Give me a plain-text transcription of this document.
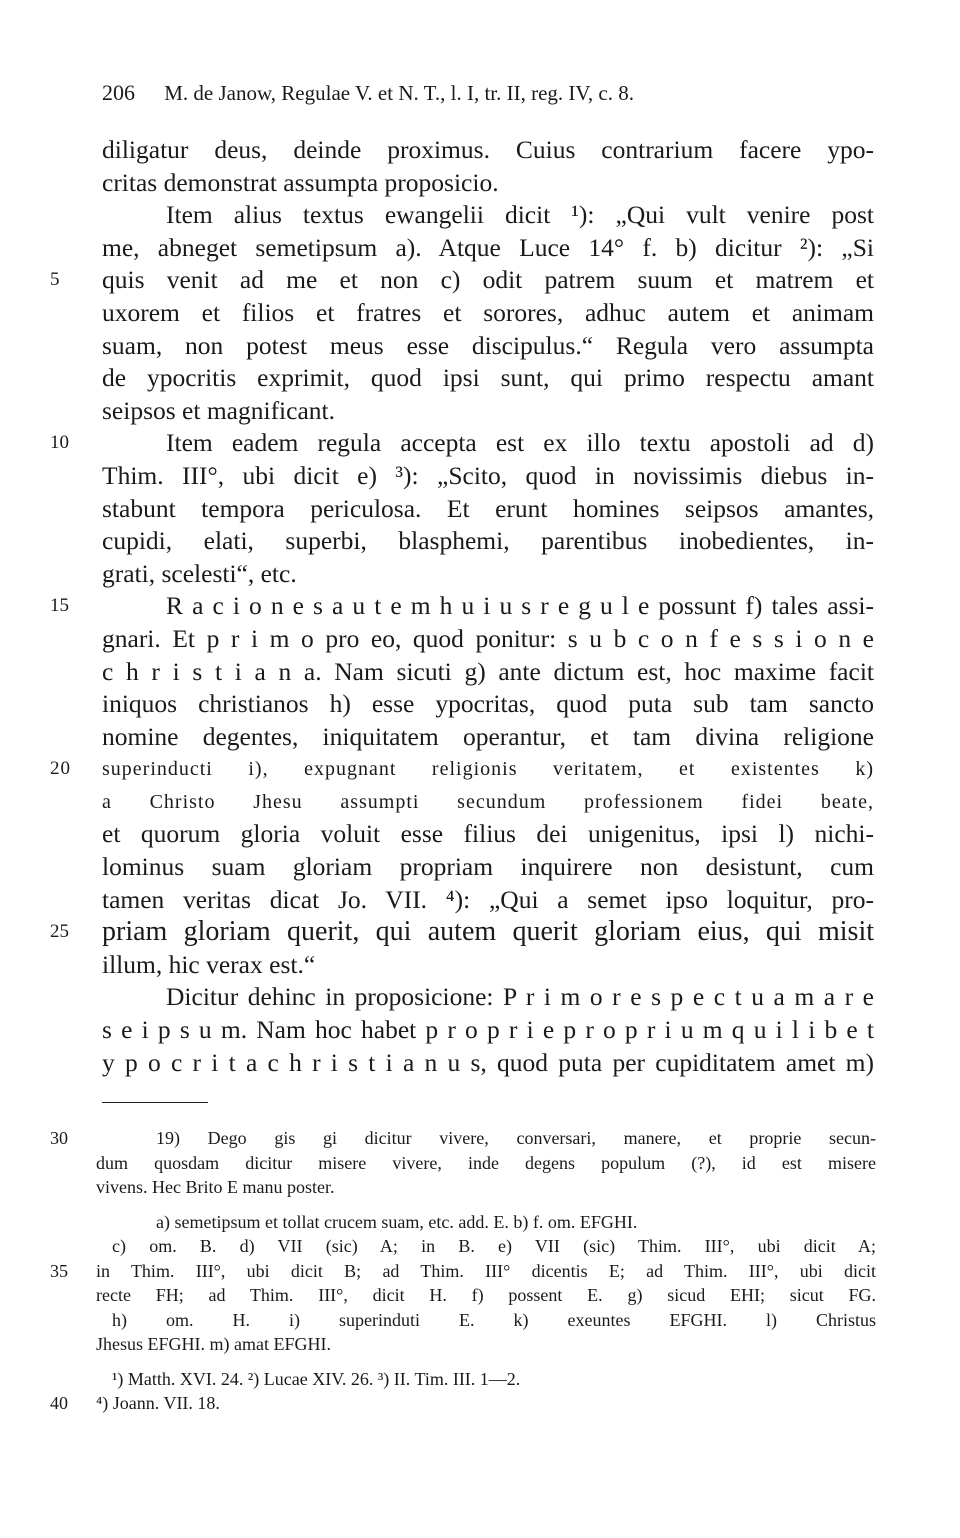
206 M. de Janow, Regulae V. et N. T., l. I, tr. II, reg. IV, c. 8.
diligatur deus, deinde proximus. Cuius contrarium facere ypo-
critas demonstrat assumpta proposicio.
Item alius textus ewangelii dicit ¹): „Qui vult venire post
me, abneget semetipsum a). Atque Luce 14° f. b) dicitur ²): „Si
5	quis venit ad me et non c) odit patrem suum et matrem et
uxorem et filios et fratres et sorores, adhuc autem et animam
suam, non potest meus esse discipulus.“ Regula vero assumpta
de ypocritis exprimit, quod ipsi sunt, qui primo respectu amant
seipsos et magnificant.
10	Item eadem regula accepta est ex illo textu apostoli ad d)
Thim. III°, ubi dicit e) ³): „Scito, quod in novissimis diebus in-
stabunt tempora periculosa. Et erunt homines seipsos amantes,
cupidi, elati, superbi, blasphemi, parentibus inobedientes, in-
grati, scelesti“, etc.
15	R a c i o n e s a u t e m h u i u s r e g u l e possunt f) tales assi-
gnari. Et p r i m o pro eo, quod ponitur: s u b c o n f e s s i o n e
c h r i s t i a n a. Nam sicuti g) ante dictum est, hoc maxime facit
iniquos christianos h) esse ypocritas, quod puta sub tam sancto
nomine degentes, iniquitatem operantur, et tam divina religione
20	superinducti i), expugnant religionis veritatem, et existentes k)
a Christo Jhesu assumpti secundum professionem fidei beate,
et quorum gloria voluit esse filius dei unigenitus, ipsi l) nichi-
lominus suam gloriam propriam inquirere non desistunt, cum
tamen veritas dicat Jo. VII. ⁴): „Qui a semet ipso loquitur, pro-
25	priam gloriam querit, qui autem querit gloriam eius, qui misit
illum, hic verax est.“
Dicitur dehinc in proposicione: P r i m o r e s p e c t u a m a r e
s e i p s u m. Nam hoc habet p r o p r i e p r o p r i u m q u i l i b e t
y p o c r i t a c h r i s t i a n u s, quod puta per cupiditatem amet m)
30	19) Dego gis gi dicitur vivere, conversari, manere, et proprie secun-
dum quosdam dicitur misere vivere, inde degens populum (?), id est misere
vivens. Hec Brito E manu poster.
a) semetipsum et tollat crucem suam, etc. add. E. b) f. om. EFGHI.
c) om. B. d) VII (sic) A; in B. e) VII (sic) Thim. III°, ubi dicit A;
35	in Thim. III°, ubi dicit B; ad Thim. III° dicentis E; ad Thim. III°, ubi dicit
recte FH; ad Thim. III°, dicit H. f) possent E. g) sicud EHI; sicut FG.
h) om. H. i) superinduti E. k) exeuntes EFGHI. l) Christus
Jhesus EFGHI. m) amat EFGHI.
¹) Matth. XVI. 24. ²) Lucae XIV. 26. ³) II. Tim. III. 1—2.
40	⁴) Joann. VII. 18.
